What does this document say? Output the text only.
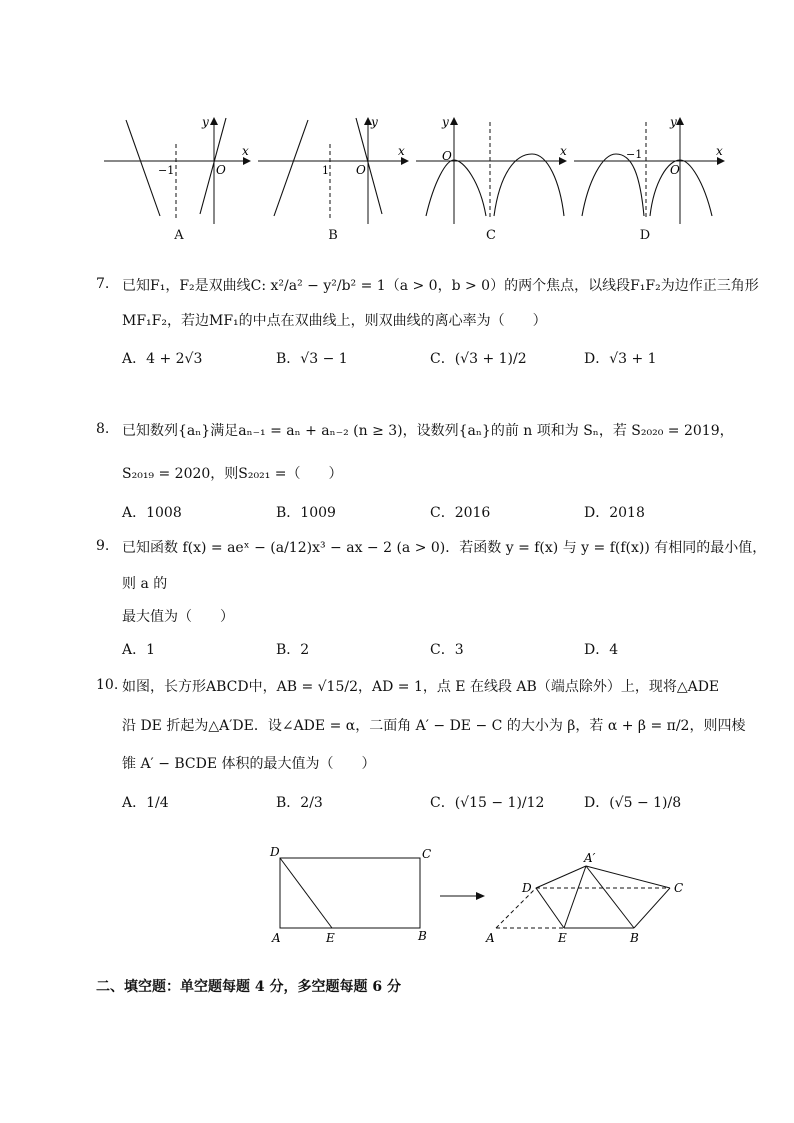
x
y
−1	O
x
y
1 O
x
y
O	x
y
−1
O
A	B	C	D
7. 已知F₁，F₂是双曲线C: x²/a² − y²/b² = 1（a > 0，b > 0）的两个焦点，以线段F₁F₂为边作正三角形
MF₁F₂，若边MF₁的中点在双曲线上，则双曲线的离心率为（　　）
A．4 + 2√3	B．√3 − 1	C．(√3 + 1)/2	D．√3 + 1
8. 已知数列{aₙ}满足aₙ₋₁ = aₙ + aₙ₋₂ (n ≥ 3)，设数列{aₙ}的前 n 项和为 Sₙ，若 S₂₀₂₀ = 2019，
S₂₀₁₉ = 2020，则S₂₀₂₁ =（　　）
A．1008	B．1009	C．2016	D．2018
9. 已知函数 f(x) = aeˣ − (a/12)x³ − ax − 2 (a > 0)．若函数 y = f(x) 与 y = f(f(x)) 有相同的最小值，
则 a 的
最大值为（　　）
A．1	B．2	C．3	D．4
10. 如图，长方形ABCD中，AB = √15/2，AD = 1，点 E 在线段 AB（端点除外）上，现将△ADE
沿 DE 折起为△A′DE．设∠ADE = α，二面角 A′ − DE − C 的大小为 β，若 α + β = π/2，则四棱
锥 A′ − BCDE 体积的最大值为（　　）
A．1/4	B．2/3	C．(√15 − 1)/12	D．(√5 − 1)/8
D	C
A	E	B
A′
D	C
A	E	B
二、填空题：单空题每题 4 分，多空题每题 6 分
